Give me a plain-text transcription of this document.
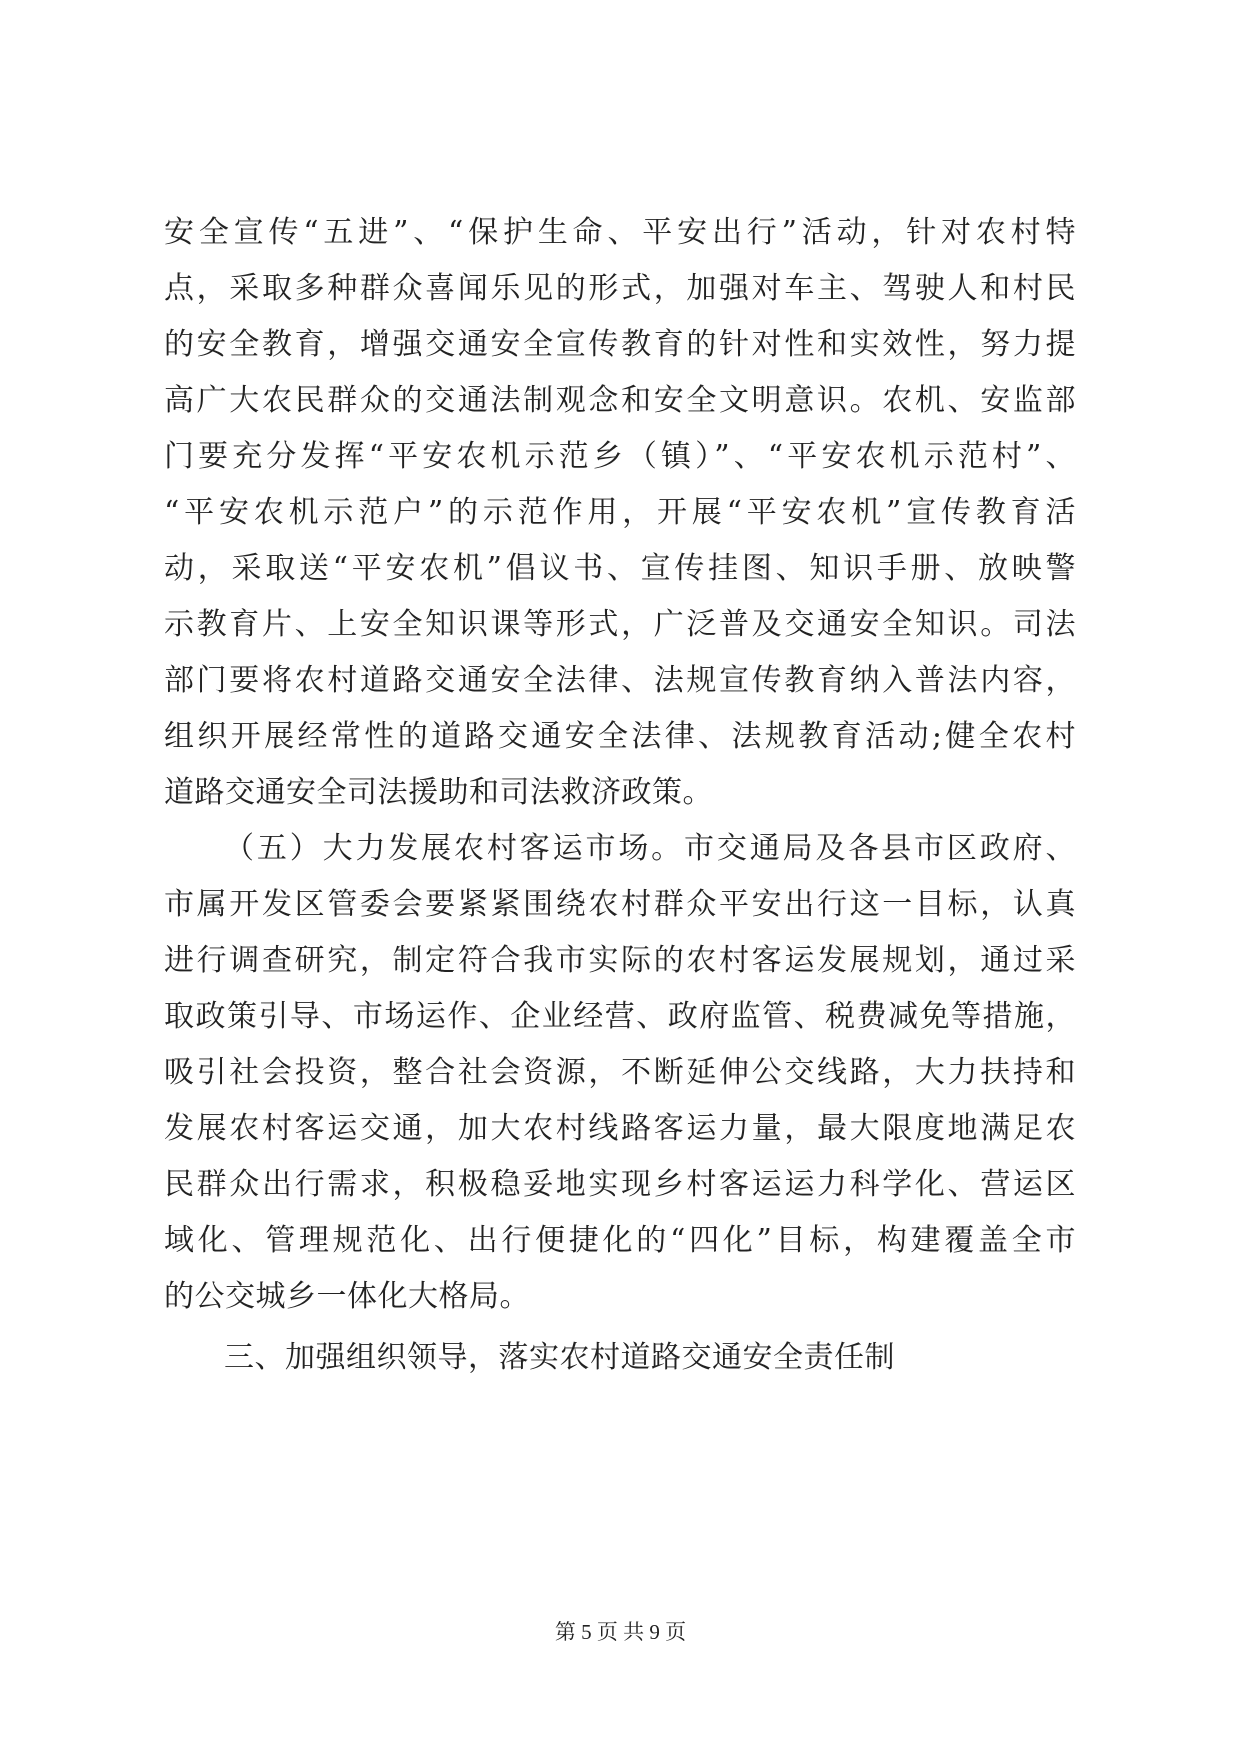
安全宣传“五进”、“保护生命、平安出行”活动，针对农村特
点，采取多种群众喜闻乐见的形式，加强对车主、驾驶人和村民
的安全教育，增强交通安全宣传教育的针对性和实效性，努力提
高广大农民群众的交通法制观念和安全文明意识。农机、安监部
门要充分发挥“平安农机示范乡（镇）”、“平安农机示范村”、
“平安农机示范户”的示范作用，开展“平安农机”宣传教育活
动，采取送“平安农机”倡议书、宣传挂图、知识手册、放映警
示教育片、上安全知识课等形式，广泛普及交通安全知识。司法
部门要将农村道路交通安全法律、法规宣传教育纳入普法内容，
组织开展经常性的道路交通安全法律、法规教育活动;健全农村
道路交通安全司法援助和司法救济政策。
（五）大力发展农村客运市场。市交通局及各县市区政府、
市属开发区管委会要紧紧围绕农村群众平安出行这一目标，认真
进行调查研究，制定符合我市实际的农村客运发展规划，通过采
取政策引导、市场运作、企业经营、政府监管、税费减免等措施，
吸引社会投资，整合社会资源，不断延伸公交线路，大力扶持和
发展农村客运交通，加大农村线路客运力量，最大限度地满足农
民群众出行需求，积极稳妥地实现乡村客运运力科学化、营运区
域化、管理规范化、出行便捷化的“四化”目标，构建覆盖全市
的公交城乡一体化大格局。
三、加强组织领导，落实农村道路交通安全责任制
第 5 页 共 9 页
